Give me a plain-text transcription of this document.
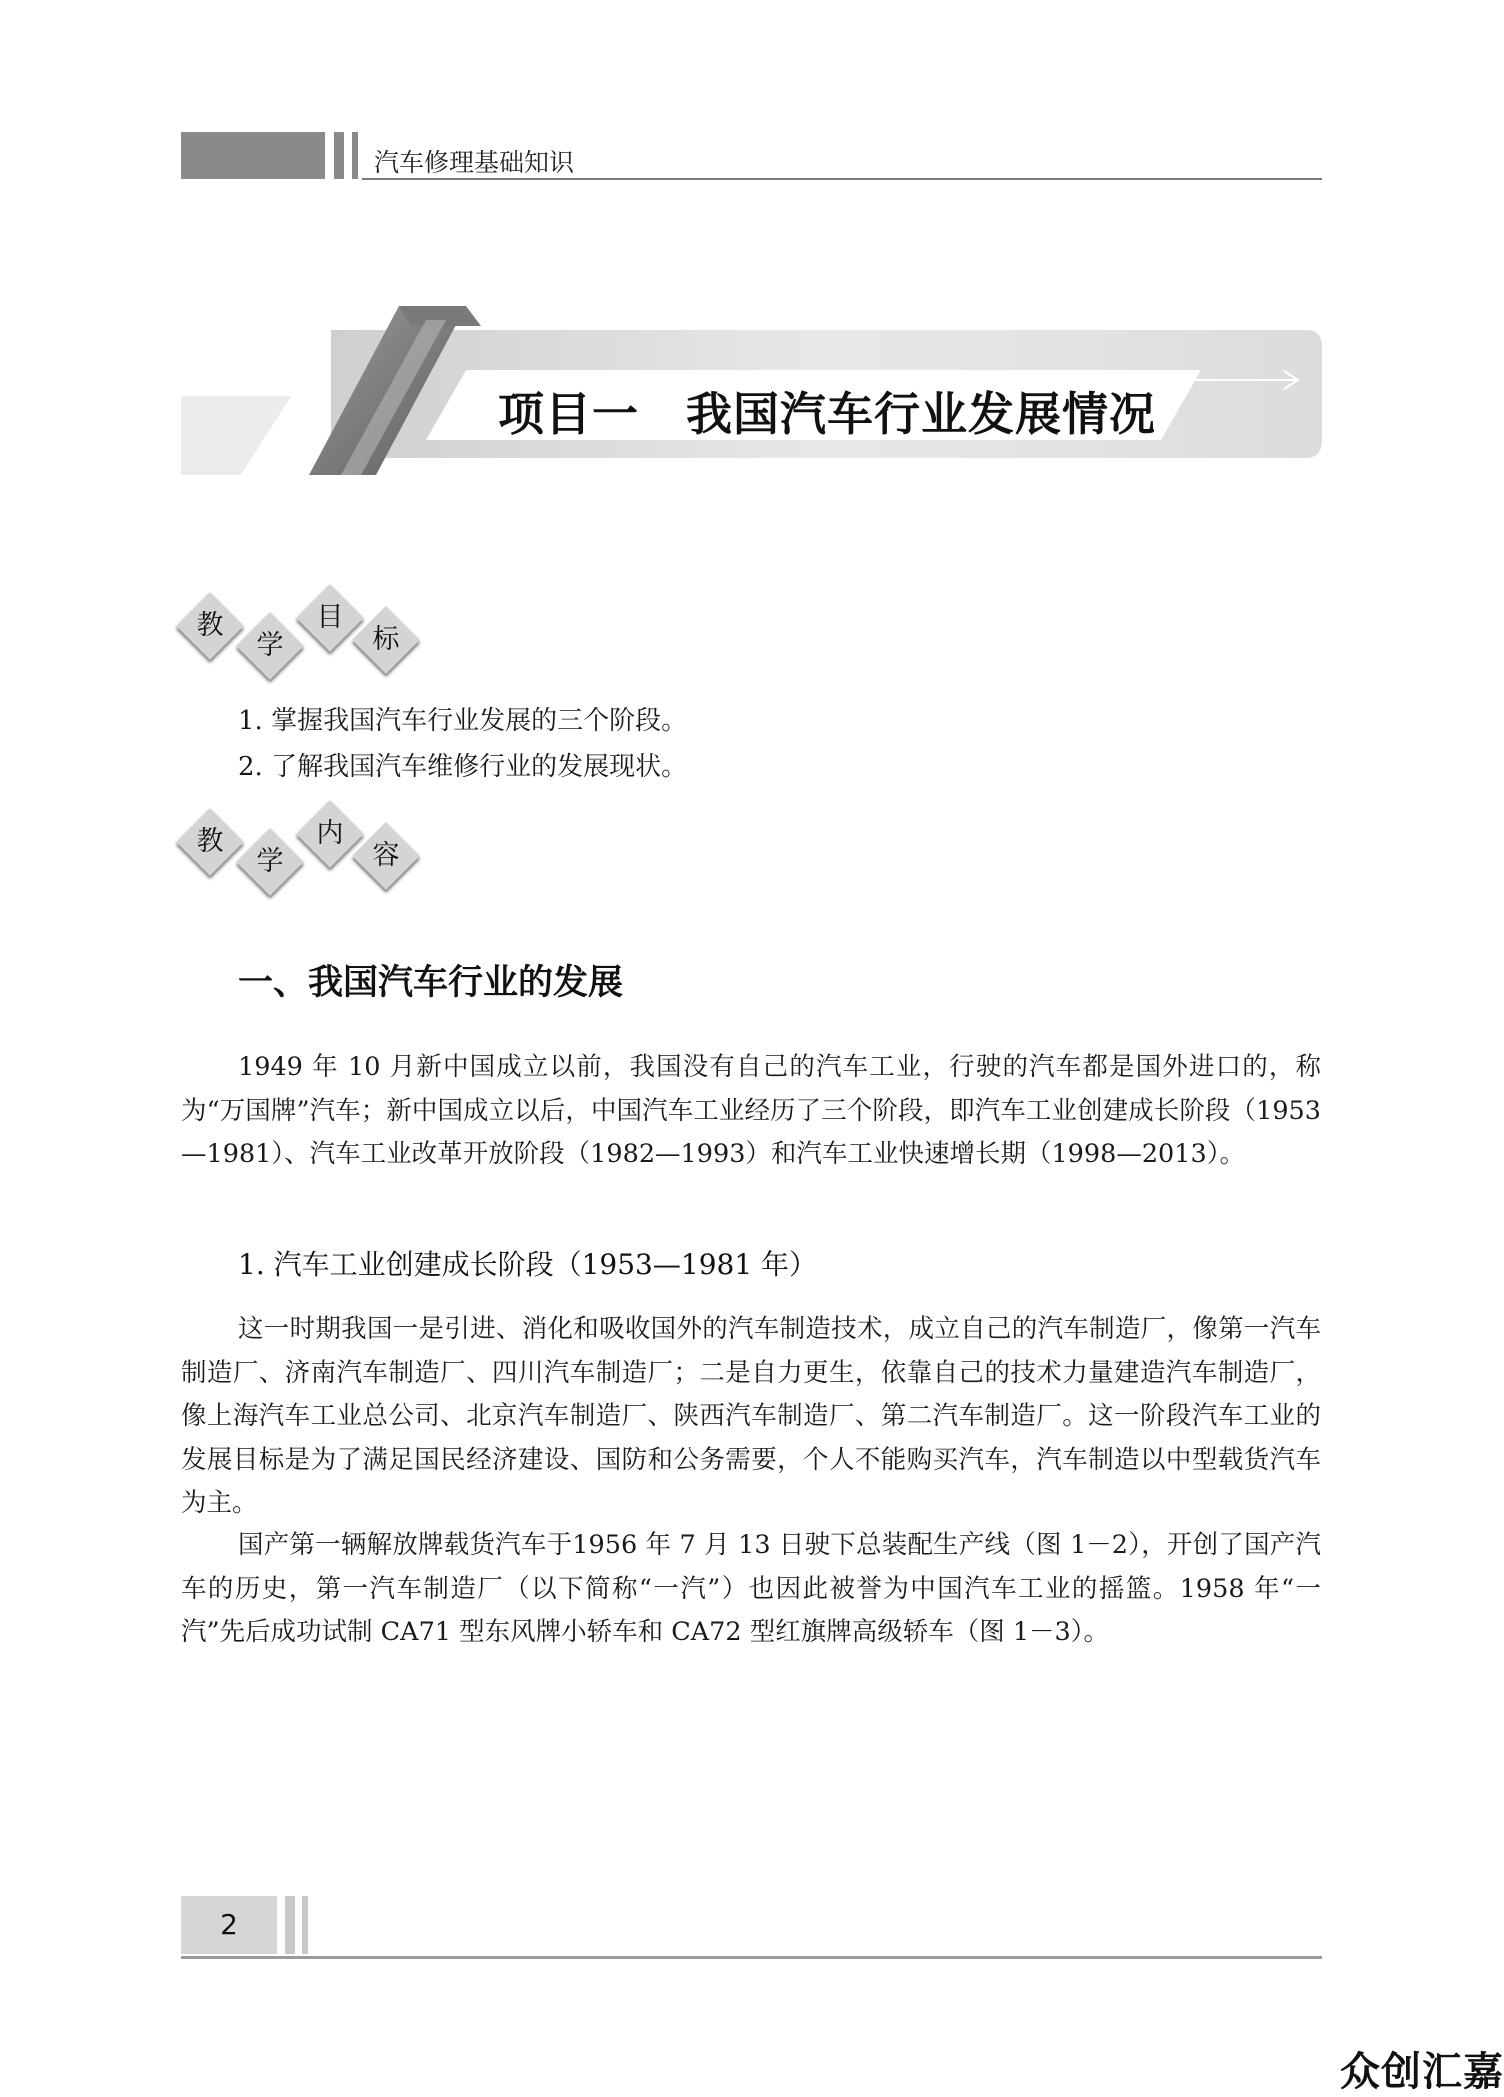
汽车修理基础知识
项目一　我国汽车行业发展情况
教
学
目
标
1. 掌握我国汽车行业发展的三个阶段。
2. 了解我国汽车维修行业的发展现状。
教
学
内
容
一、我国汽车行业的发展

1949 年 10 月新中国成立以前，我国没有自己的汽车工业，行驶的汽车都是国外进口的，称为“万国牌”汽车；新中国成立以后，中国汽车工业经历了三个阶段，即汽车工业创建成长阶段（1953—1981）、汽车工业改革开放阶段（1982—1993）和汽车工业快速增长期（1998—2013）。

1. 汽车工业创建成长阶段（1953—1981 年）

这一时期我国一是引进、消化和吸收国外的汽车制造技术，成立自己的汽车制造厂，像第一汽车制造厂、济南汽车制造厂、四川汽车制造厂；二是自力更生，依靠自己的技术力量建造汽车制造厂，像上海汽车工业总公司、北京汽车制造厂、陕西汽车制造厂、第二汽车制造厂。这一阶段汽车工业的发展目标是为了满足国民经济建设、国防和公务需要，个人不能购买汽车，汽车制造以中型载货汽车为主。

国产第一辆解放牌载货汽车于1956 年 7 月 13 日驶下总装配生产线（图 1－2），开创了国产汽车的历史，第一汽车制造厂（以下简称“一汽”）也因此被誉为中国汽车工业的摇篮。1958 年“一汽”先后成功试制 CA71 型东风牌小轿车和 CA72 型红旗牌高级轿车（图 1－3）。

2
众创汇嘉
